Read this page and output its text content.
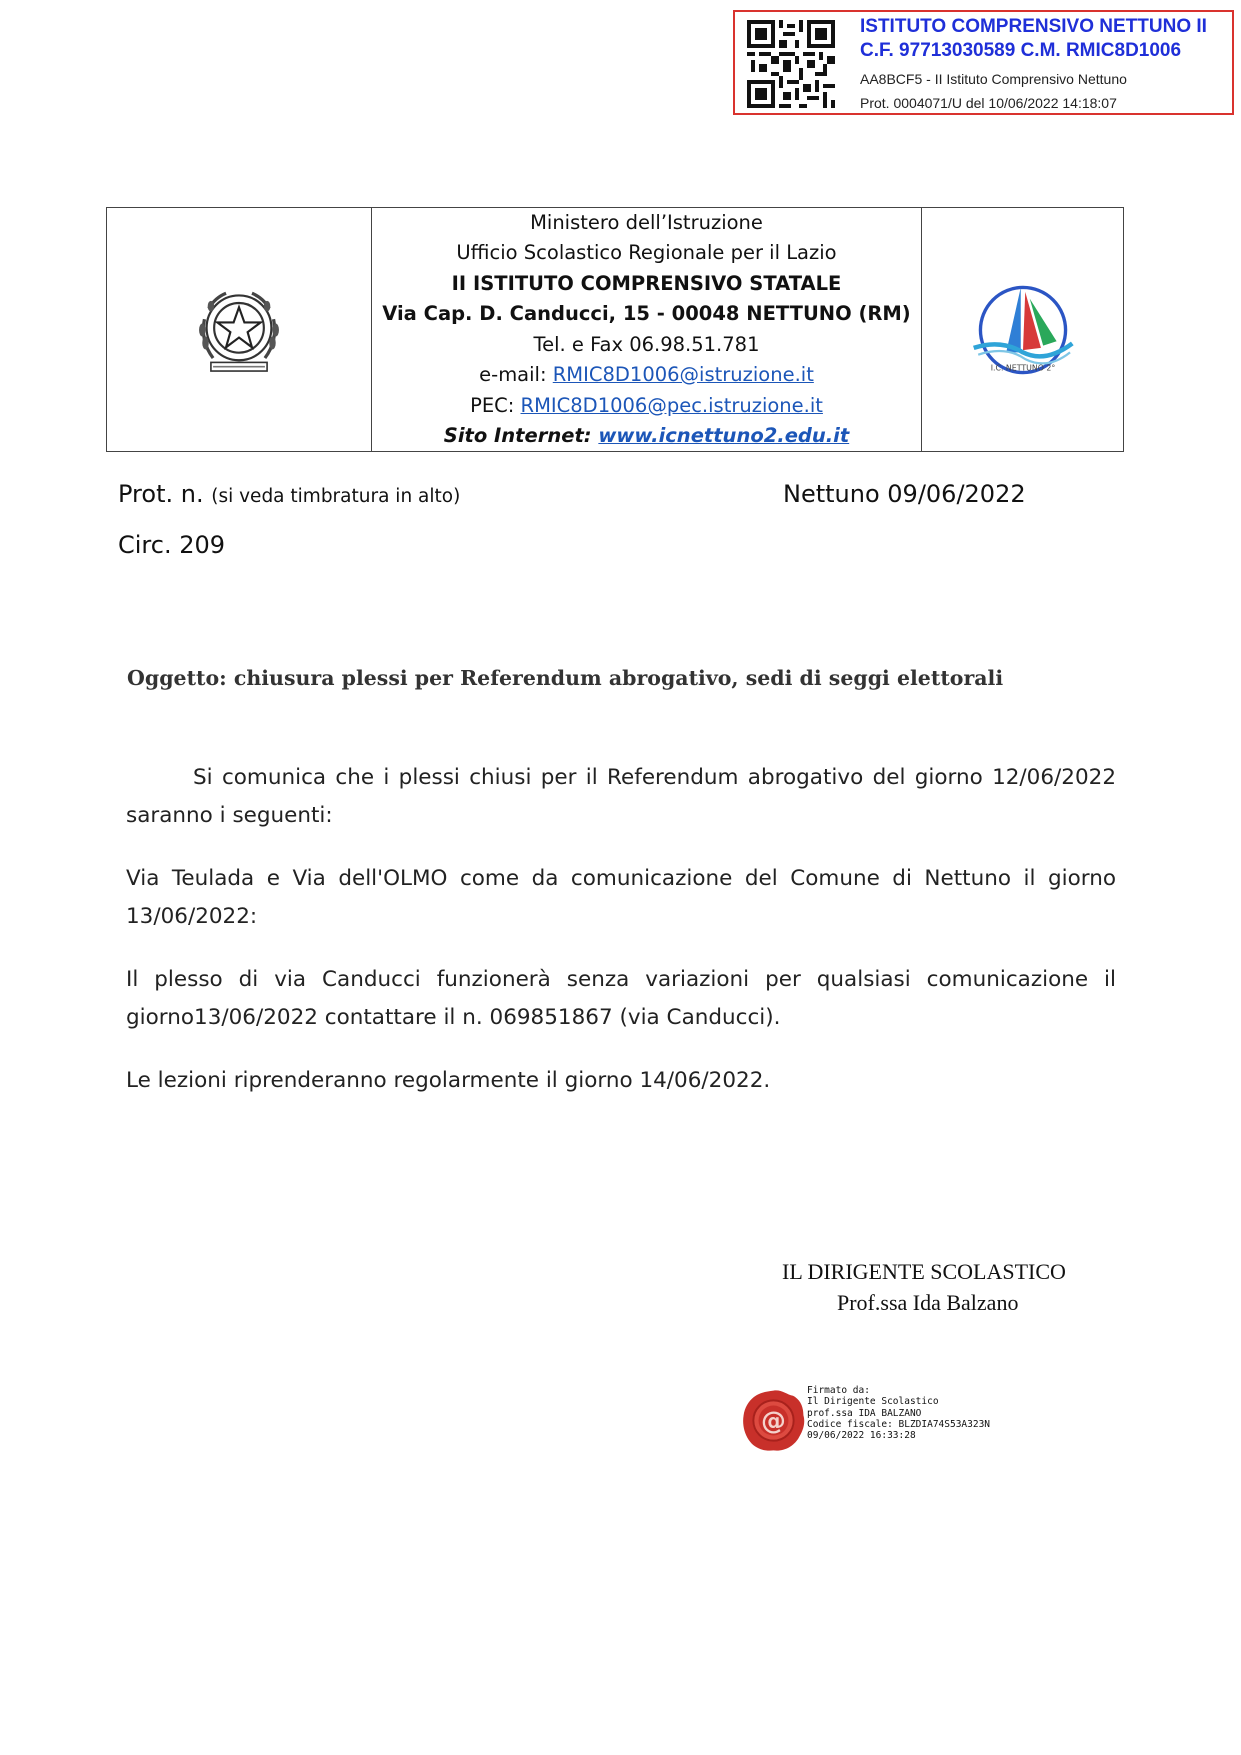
ISTITUTO COMPRENSIVO NETTUNO II
C.F. 97713030589 C.M. RMIC8D1006
AA8BCF5 - II Istituto Comprensivo Nettuno
Prot. 0004071/U del 10/06/2022 14:18:07
Ministero dell’Istruzione
Ufficio Scolastico Regionale per il Lazio
II ISTITUTO COMPRENSIVO STATALE
Via Cap. D. Canducci, 15 - 00048 NETTUNO (RM)
Tel. e Fax 06.98.51.781
e-mail: RMIC8D1006@istruzione.it
PEC: RMIC8D1006@pec.istruzione.it
Sito Internet: www.icnettuno2.edu.it
I.C. NETTUNO 2°
Prot. n. (si veda timbratura in alto)	Nettuno 09/06/2022
Circ. 209
Oggetto: chiusura plessi per Referendum abrogativo, sedi di seggi elettorali
Si comunica che i plessi chiusi per il Referendum abrogativo del giorno 12/06/2022 saranno i seguenti:
Via Teulada e Via dell'OLMO come da comunicazione del Comune di Nettuno il giorno 13/06/2022:
Il plesso di via Canducci funzionerà senza variazioni per qualsiasi comunicazione il giorno13/06/2022 contattare il n. 069851867 (via Canducci).
Le lezioni riprenderanno regolarmente il giorno 14/06/2022.
IL DIRIGENTE SCOLASTICO
Prof.ssa Ida Balzano
@
Firmato da:
Il Dirigente Scolastico
prof.ssa IDA BALZANO
Codice fiscale: BLZDIA74S53A323N
09/06/2022 16:33:28
